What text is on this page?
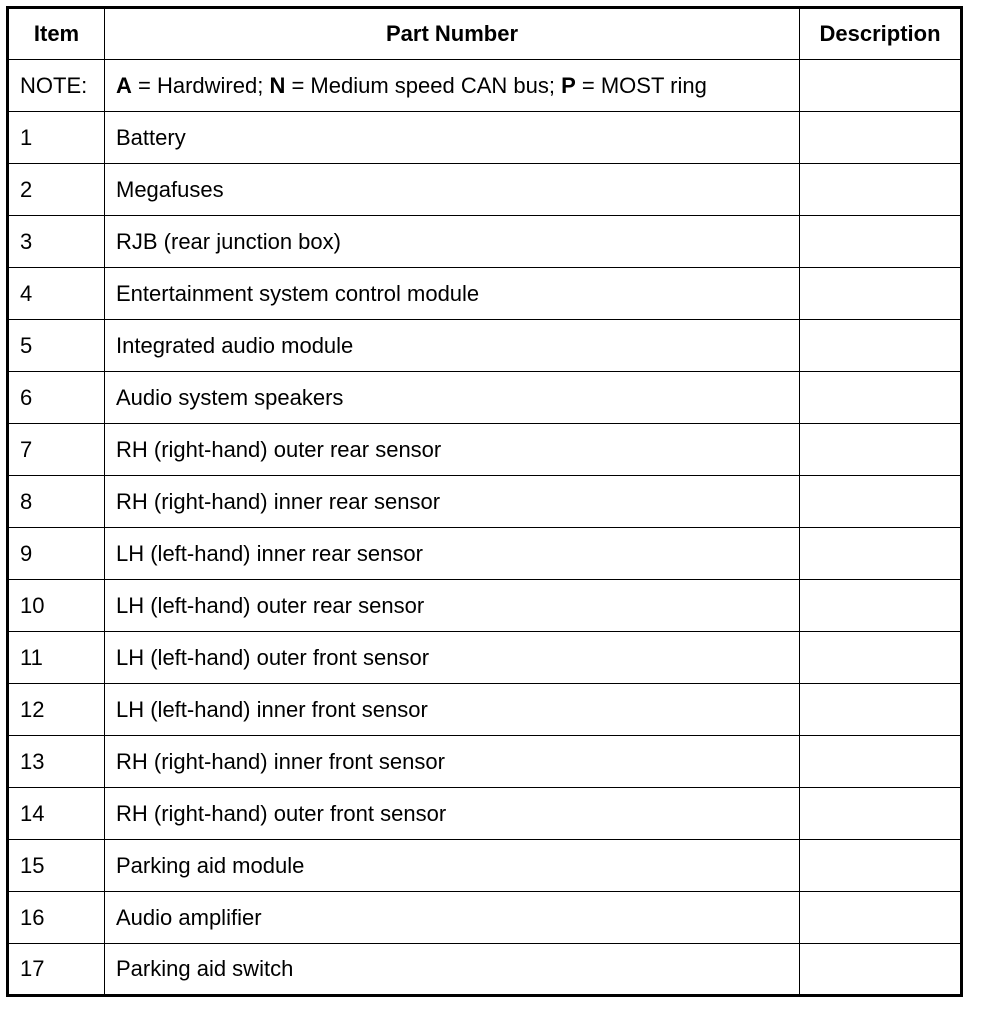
Item	Part Number	Description
NOTE:	A = Hardwired; N = Medium speed CAN bus; P = MOST ring	
1	Battery	
2	Megafuses	
3	RJB (rear junction box)	
4	Entertainment system control module	
5	Integrated audio module	
6	Audio system speakers	
7	RH (right-hand) outer rear sensor	
8	RH (right-hand) inner rear sensor	
9	LH (left-hand) inner rear sensor	
10	LH (left-hand) outer rear sensor	
11	LH (left-hand) outer front sensor	
12	LH (left-hand) inner front sensor	
13	RH (right-hand) inner front sensor	
14	RH (right-hand) outer front sensor	
15	Parking aid module	
16	Audio amplifier	
17	Parking aid switch	
